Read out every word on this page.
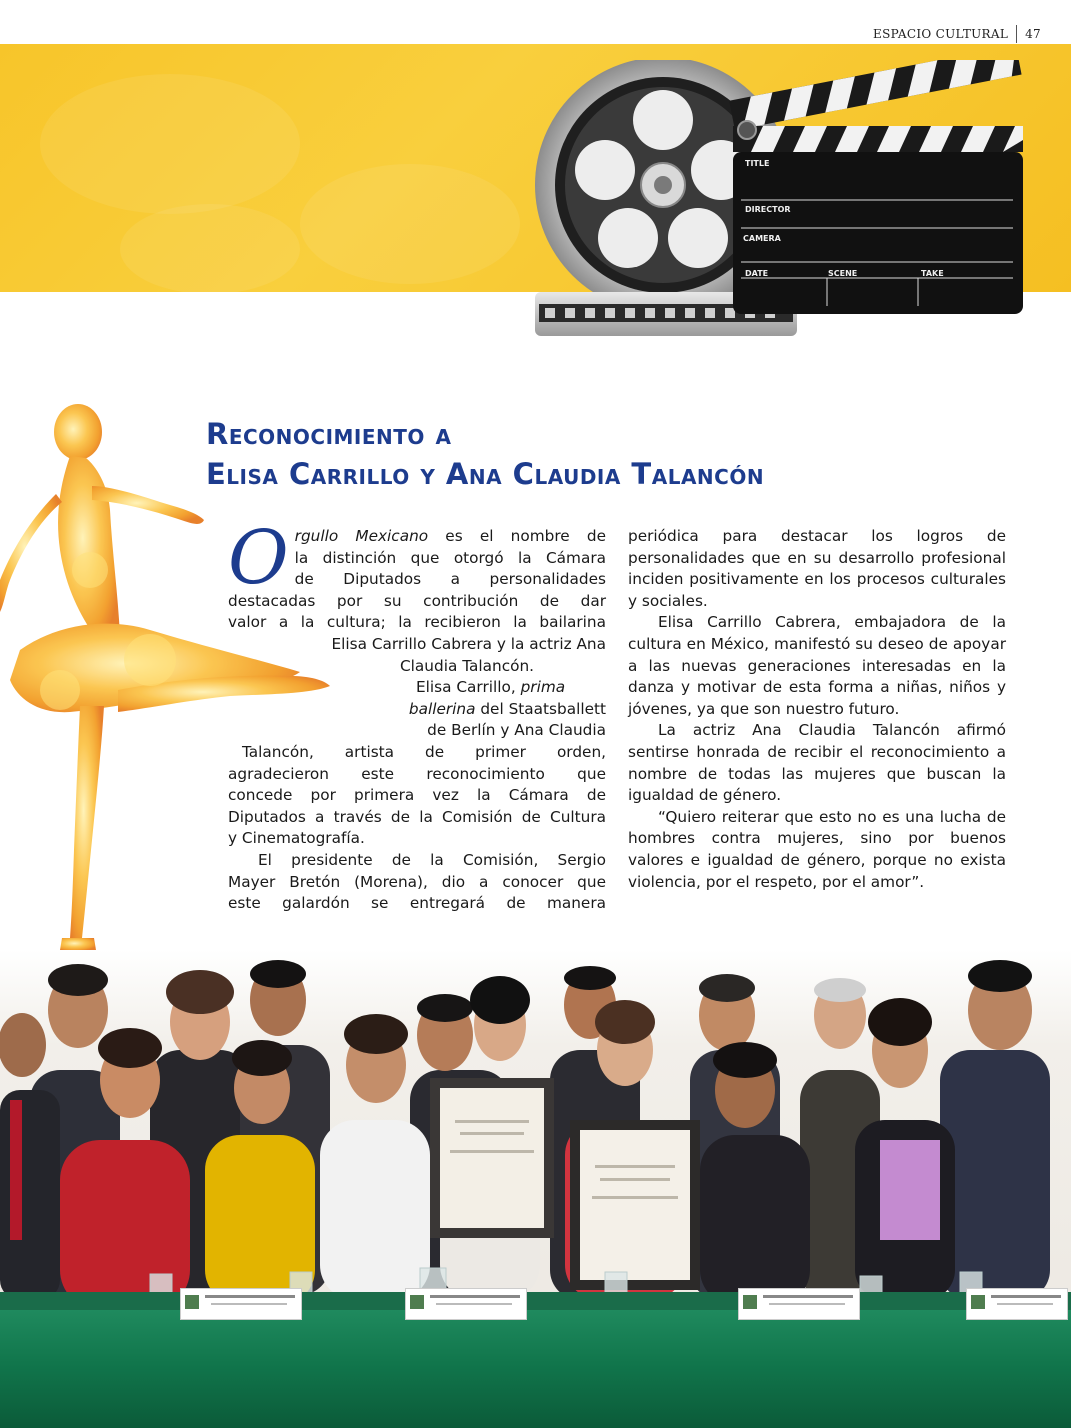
ESPACIO CULTURAL	47
TITLE
DIRECTOR
CAMERA
DATE	SCENE	TAKE
Reconocimiento a
Elisa Carrillo y Ana Claudia Talancón
O rgullo Mexicano es el nombre de
la distinción que otorgó la Cámara
de Diputados a personalidades
destacadas por su contribución de dar
valor a la cultura; la recibieron la bailarina
Elisa Carrillo Cabrera y la actriz Ana
Claudia Talancón.
Elisa Carrillo, prima
ballerina del Staatsballett
de Berlín y Ana Claudia
Talancón, artista de primer orden,
agradecieron este reconocimiento que
concede por primera vez la Cámara de
Diputados a través de la Comisión de Cultura
y Cinematografía.
El presidente de la Comisión, Sergio
Mayer Bretón (Morena), dio a conocer que
este galardón se entregará de manera

periódica para destacar los logros de personalidades que en su desarrollo profesional inciden positivamente en los procesos culturales y sociales.

Elisa Carrillo Cabrera, embajadora de la cultura en México, manifestó su deseo de apoyar a las nuevas generaciones interesadas en la danza y motivar de esta forma a niñas, niños y jóvenes, ya que son nuestro futuro.

La actriz Ana Claudia Talancón afirmó sentirse honrada de recibir el reconocimiento a nombre de todas las mujeres que buscan la igualdad de género.

“Quiero reiterar que esto no es una lucha de hombres contra mujeres, sino por buenos valores e igualdad de género, porque no exista violencia, por el respeto, por el amor”.
